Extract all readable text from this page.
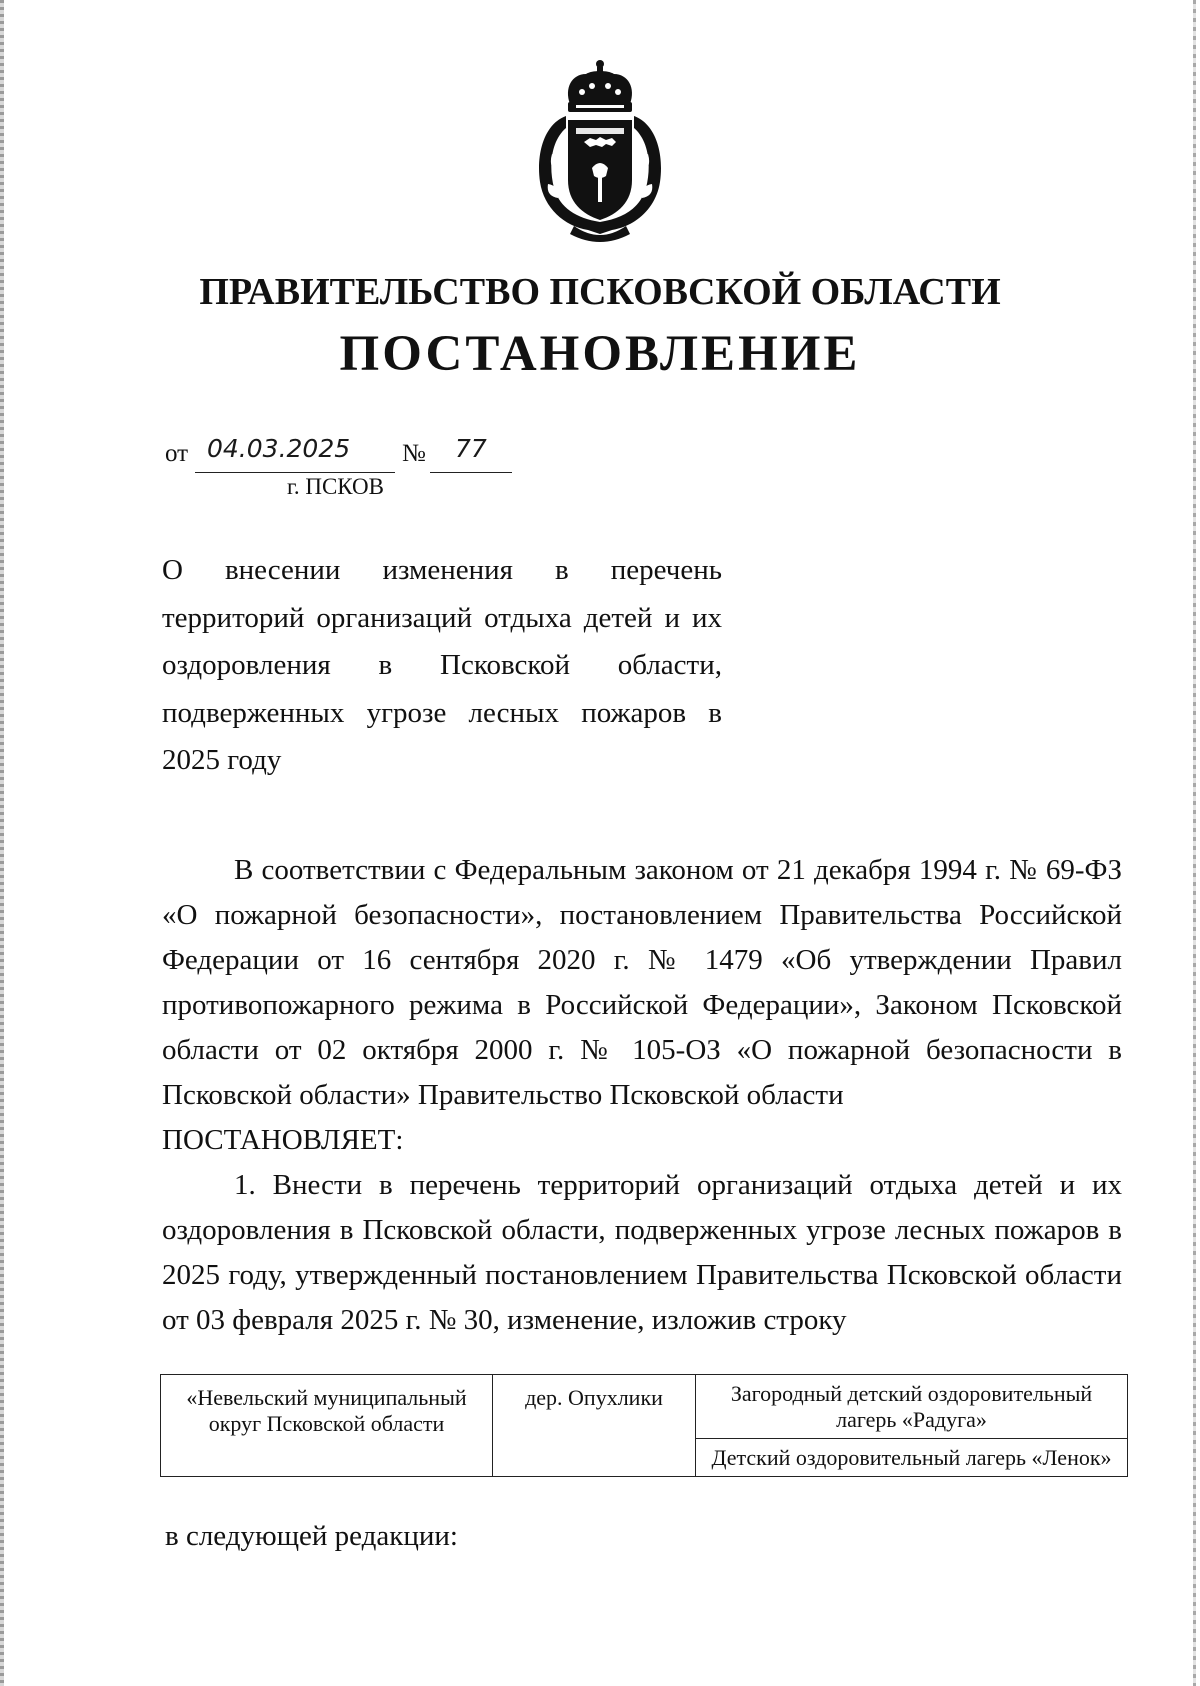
ПРАВИТЕЛЬСТВО ПСКОВСКОЙ ОБЛАСТИ
ПОСТАНОВЛЕНИЕ
от 04.03.2025 № 77
г. ПСКОВ

О внесении изменения в перечень территорий организаций отдыха детей и их оздоровления в Псковской области, подверженных угрозе лесных пожаров в 2025 году

В соответствии с Федеральным законом от 21 декабря 1994 г. № 69-ФЗ «О пожарной безопасности», постановлением Правительства Российской Федерации от 16 сентября 2020 г. № 1479 «Об утверждении Правил противопожарного режима в Российской Федерации», Законом Псковской области от 02 октября 2000 г. № 105-ОЗ «О пожарной безопасности в Псковской области» Правительство Псковской области

ПОСТАНОВЛЯЕТ:

1. Внести в перечень территорий организаций отдыха детей и их оздоровления в Псковской области, подверженных угрозе лесных пожаров в 2025 году, утвержденный постановлением Правительства Псковской области от 03 февраля 2025 г. № 30, изменение, изложив строку

«Невельский муниципальный округ Псковской области	дер. Опухлики	Загородный детский оздоровительный лагерь «Радуга»
Детский оздоровительный лагерь «Ленок»

в следующей редакции:
